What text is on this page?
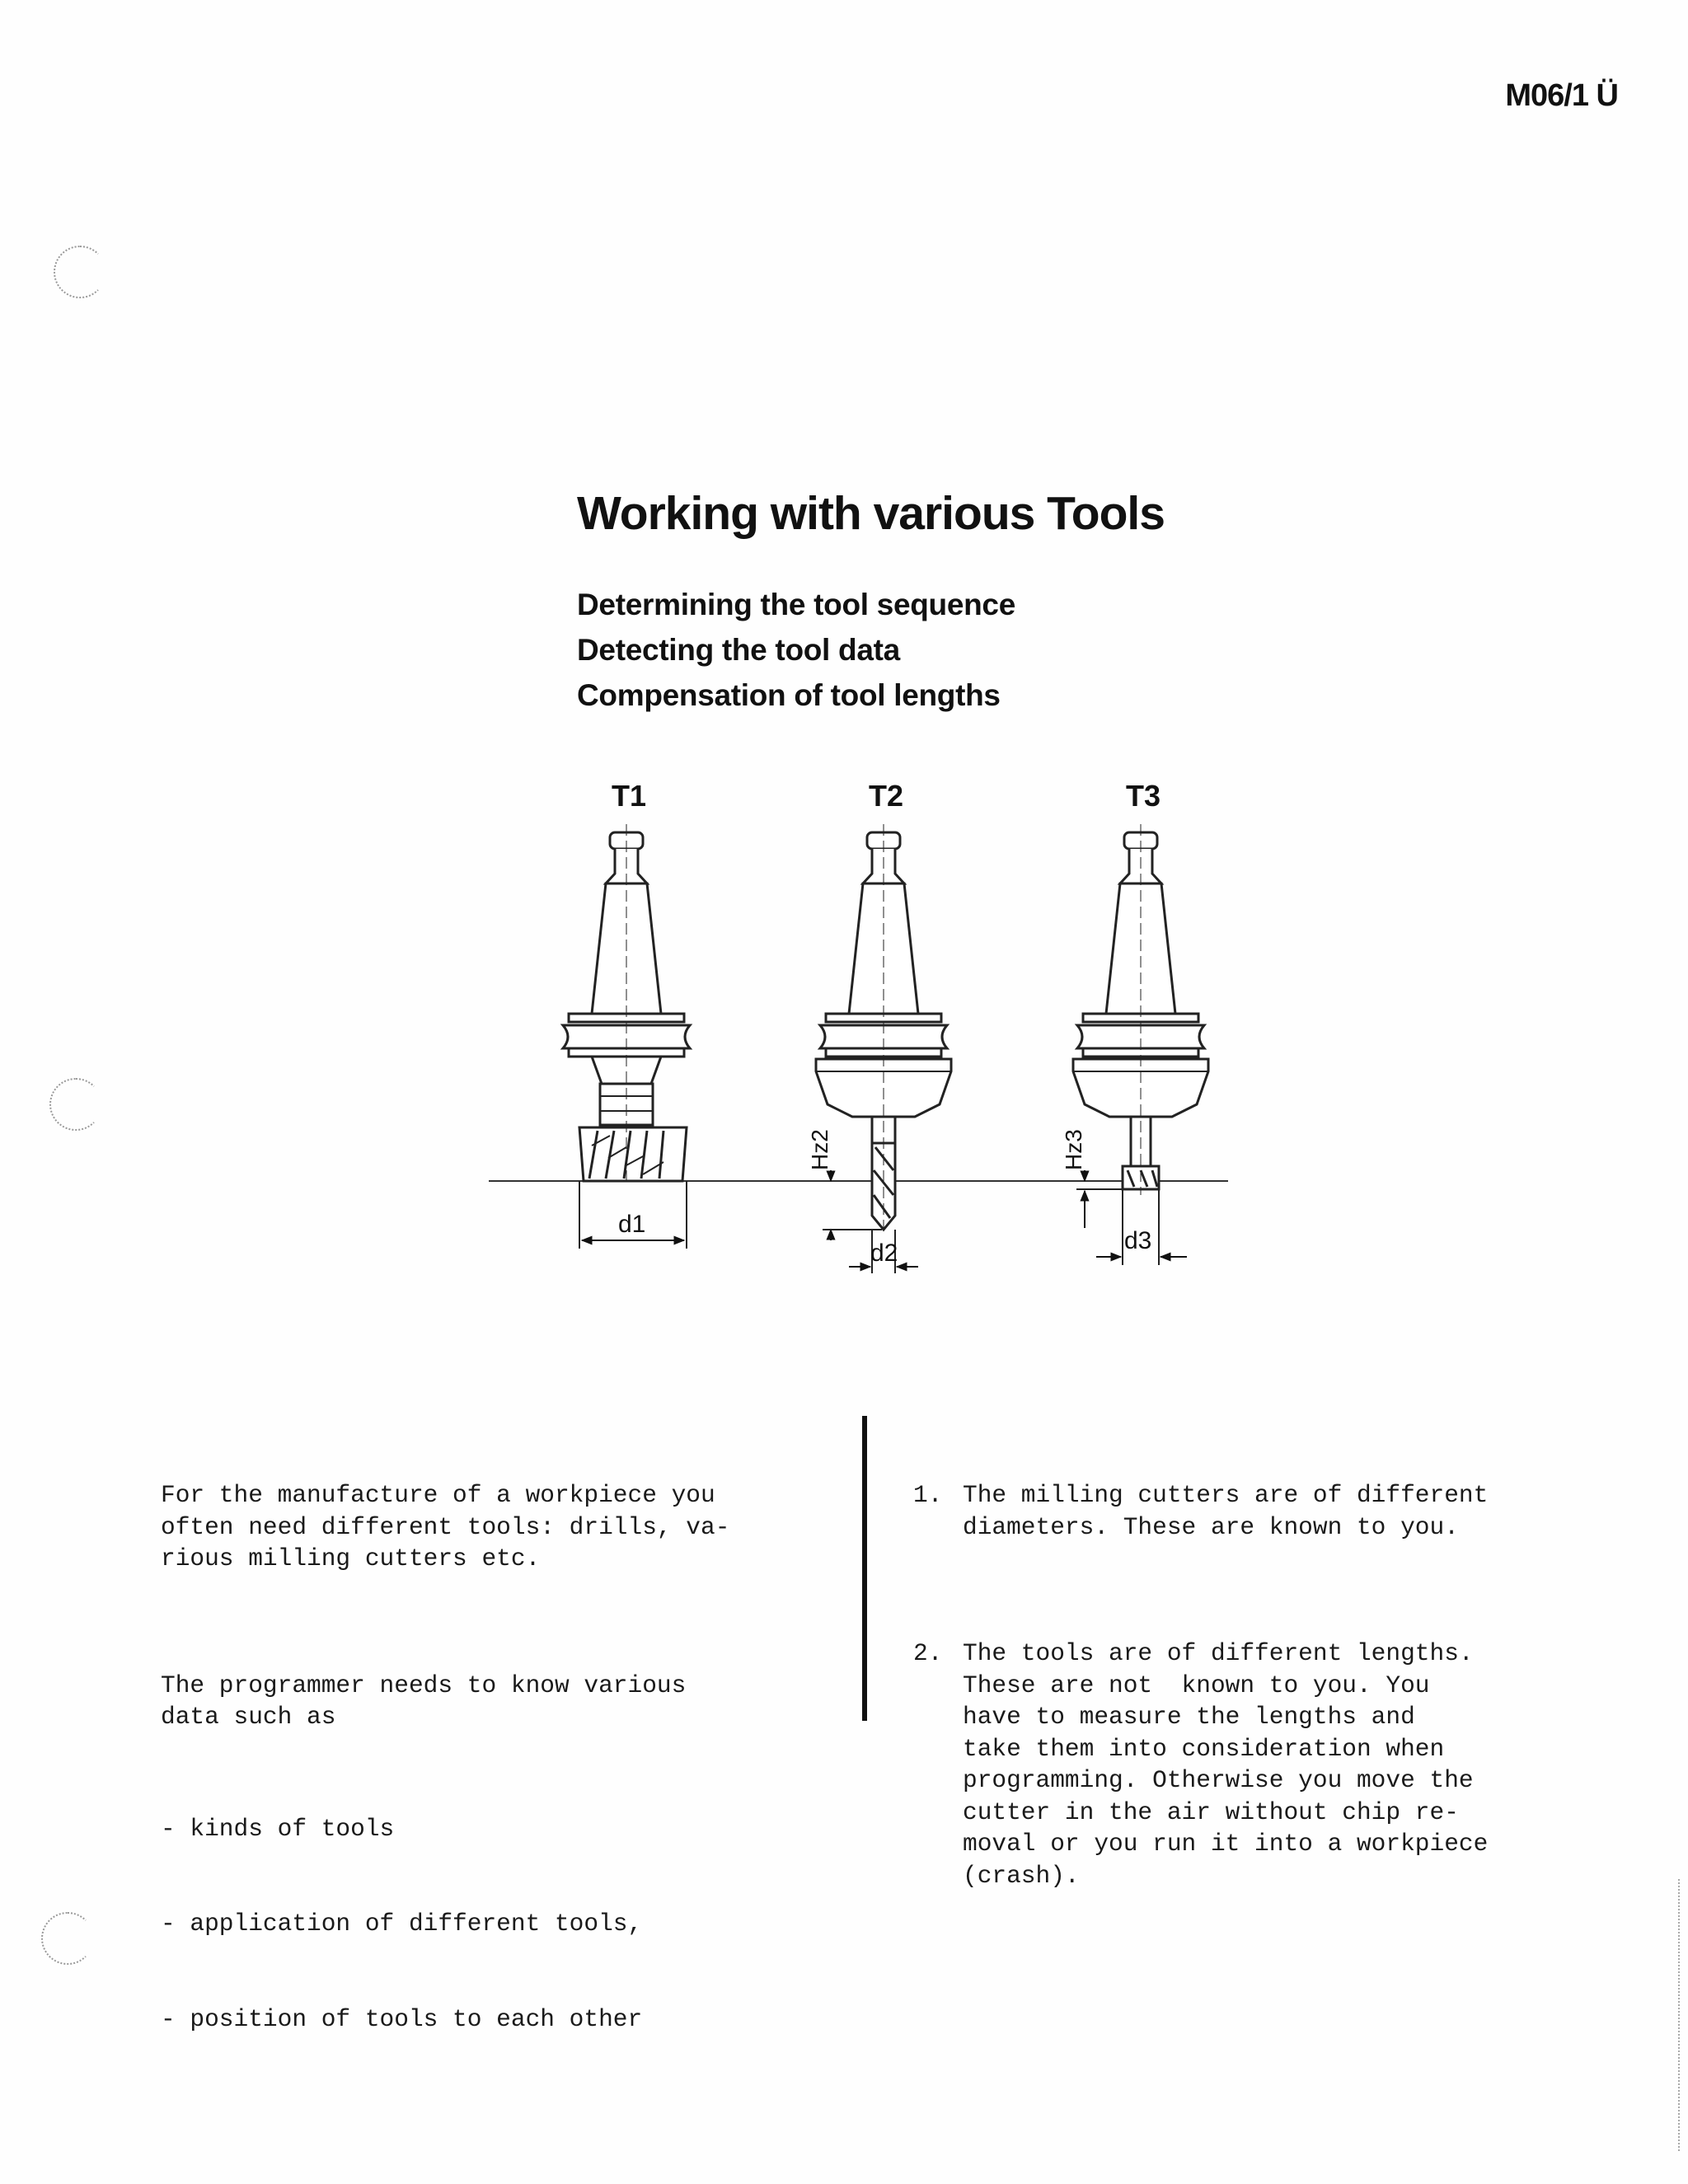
M06/1 Ü
Working with various Tools
Determining the tool sequence
Detecting the tool data
Compensation of tool lengths
T1
d1
T2
Hz2
d2
T3
Hz3
d3

For the manufacture of a workpiece you
often need different tools: drills, va-
rious milling cutters etc.

The programmer needs to know various
data such as

- kinds of tools

- application of different tools,

- position of tools to each other

1. The milling cutters are of different
diameters. These are known to you.

2. The tools are of different lengths.
These are not  known to you. You
have to measure the lengths and
take them into consideration when
programming. Otherwise you move the
cutter in the air without chip re-
moval or you run it into a workpiece
(crash).
